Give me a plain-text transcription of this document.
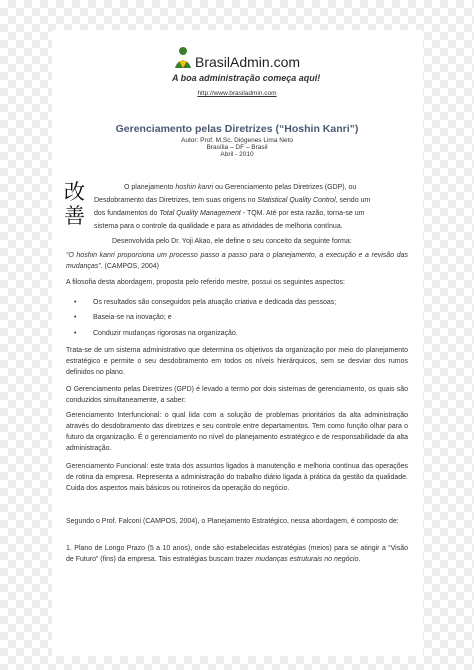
BrasilAdmin.com
A boa administração começa aqui!
http://www.brasiladmin.com
Gerenciamento pelas Diretrizes (“Hoshin Kanri”)
Autor: Prof. M.Sc. Diógenes Lima Neto
Brasília – DF – Brasil
Abril - 2010
改
善
O planejamento hoshin kanri ou Gerenciamento pelas Diretrizes (GDP), ou
Desdobramento das Diretrizes, tem suas origens no Statistical Quality Control, sendo um
dos fundamentos do Total Quality Management - TQM. Até por esta razão, torna-se um
sistema para o controle da qualidade e para as atividades de melhoria contínua.
Desenvolvida pelo Dr. Yoji Akao, ele define o seu conceito da seguinte forma:
“O hoshin kanri proporciona um processo passo a passo para o planejamento, a execução e a revisão das mudanças”. (CAMPOS, 2004)
A filosofia desta abordagem, proposta pelo referido mestre, possui os seguintes aspectos:
• Os resultados são conseguidos pela atuação criativa e dedicada das pessoas;
• Baseia-se na inovação; e
• Conduzir mudanças rigorosas na organização.
Trata-se de um sistema administrativo que determina os objetivos da organização por meio do planejamento estratégico e permite o seu desdobramento em todos os níveis hierárquicos, sem se desviar dos rumos definidos no plano.
O Gerenciamento pelas Diretrizes (GPD) é levado a termo por dois sistemas de gerenciamento, os quais são conduzidos simultaneamente, a saber:
Gerenciamento Interfuncional: o qual lida com a solução de problemas prioritários da alta administração através do desdobramento das diretrizes e seu controle entre departamentos. Tem como função olhar para o futuro da organização. É o gerenciamento no nível do planejamento estratégico e de responsabilidade da alta administração.
Gerenciamento Funcional: este trata dos assuntos ligados à manutenção e melhoria contínua das operações de rotina da empresa. Representa a administração do trabalho diário ligada à prática da gestão da qualidade. Cuida dos aspectos mais básicos ou rotineiros da operação do negócio.
Segundo o Prof. Falconi (CAMPOS, 2004), o Planejamento Estratégico, nessa abordagem, é composto de:
1. Plano de Longo Prazo (5 a 10 anos), onde são estabelecidas estratégias (meios) para se atingir a “Visão de Futuro” (fins) da empresa. Tais estratégias buscam trazer mudanças estruturais no negócio.
